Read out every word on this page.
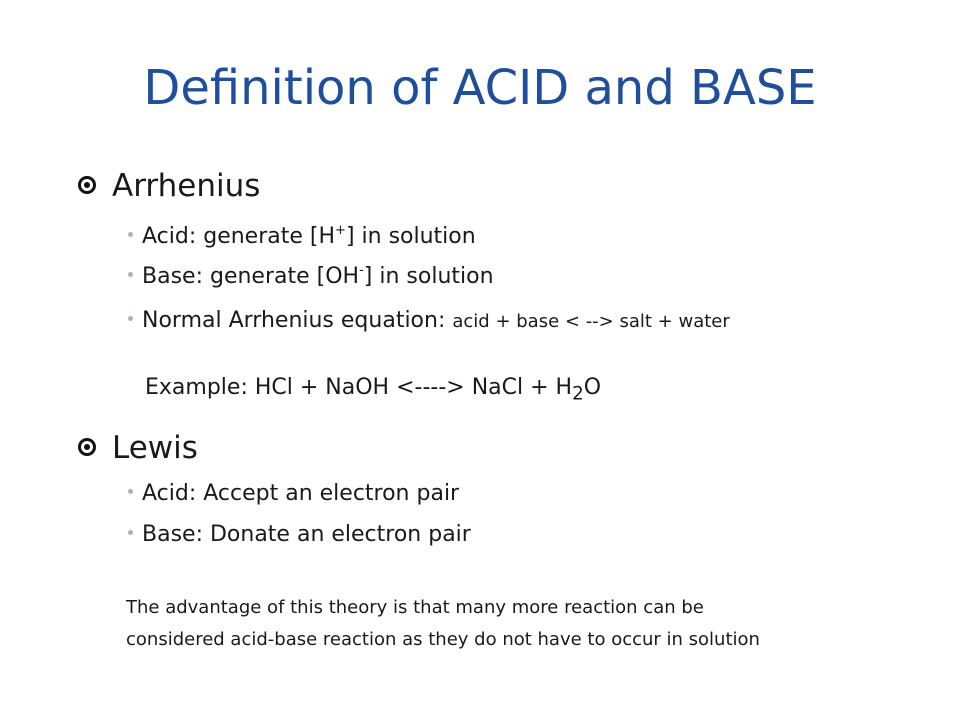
Definition of ACID and BASE
Arrhenius
Acid: generate [H+] in solution
Base: generate [OH-] in solution
Normal Arrhenius equation: acid + base < --> salt + water
Example: HCl + NaOH <----> NaCl + $H_2O$
Lewis
Acid: Accept an electron pair
Base: Donate an electron pair
The advantage of this theory is that many more reaction can be
considered acid-base reaction as they do not have to occur in solution
